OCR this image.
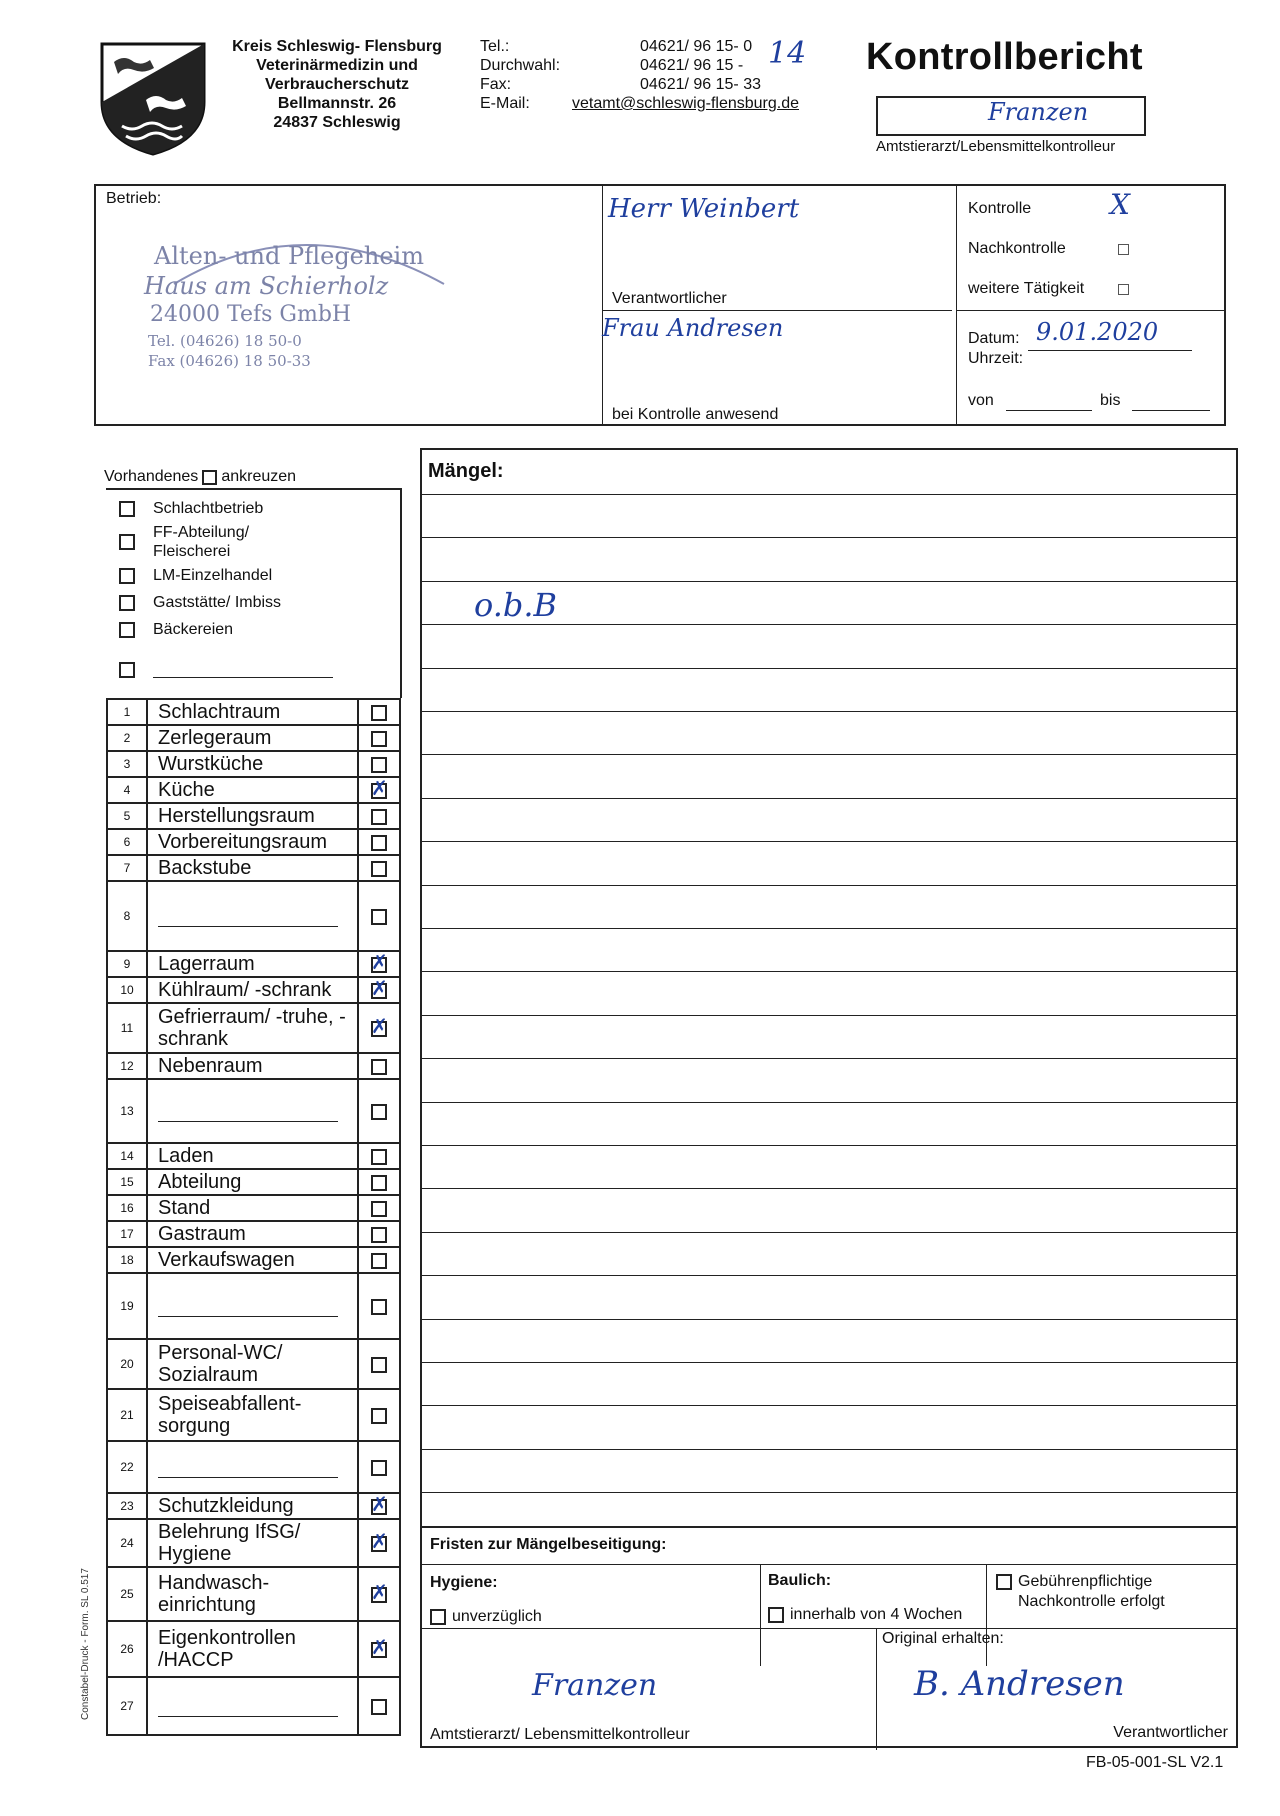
Kreis Schleswig- Flensburg
Veterinärmedizin und
Verbraucherschutz
Bellmannstr. 26
24837 Schleswig
Tel.:	04621/ 96 15- 0
Durchwahl:	04621/ 96 15 -
Fax:	04621/ 96 15- 33
E-Mail:	vetamt@schleswig-flensburg.de
14 Kontrollbericht
Franzen
Amtstierarzt/Lebensmittelkontrolleur
Betrieb:
Alten- und Pflegeheim
Haus am Schierholz
24000 Tefs GmbH
Tel. (04626) 18 50-0
Fax (04626) 18 50-33
Herr Weinbert
Verantwortlicher
Frau Andresen
bei Kontrolle anwesend
Kontrolle	X
Nachkontrolle
weitere Tätigkeit
Datum: 9.01.2020
Uhrzeit:
von	bis
Vorhandenes ankreuzen
Schlachtbetrieb
FF-Abteilung/
Fleischerei
LM-Einzelhandel
Gaststätte/ Imbiss
Bäckereien
1	Schlachtraum	
2	Zerlegeraum	
3	Wurstküche	
4	Küche	✗

5	Herstellungsraum	
6	Vorbereitungsraum	
7	Backstube	
8	

9	Lagerraum	✗

10	Kühlraum/ -schrank	✗

11	Gefrierraum/ -truhe, -schrank	✗

12	Nebenraum	
13	

14	Laden	
15	Abteilung	
16	Stand	
17	Gastraum	
18	Verkaufswagen	
19	

20	Personal-WC/ Sozialraum	
21	Speiseabfallent- sorgung	
22	

23	Schutzkleidung	✗

24	Belehrung IfSG/ Hygiene	✗

25	Handwasch- einrichtung	✗

26	Eigenkontrollen /HACCP	✗

27	

Constabel-Druck - Form. SL 0.517
Mängel:
o.b.B
Fristen zur Mängelbeseitigung:
Hygiene:
unverzüglich
Baulich:
innerhalb von 4 Wochen
Gebührenpflichtige
Nachkontrolle erfolgt
Original erhalten:
Franzen
Amtstierarzt/ Lebensmittelkontrolleur
B. Andresen
Verantwortlicher
FB-05-001-SL V2.1
